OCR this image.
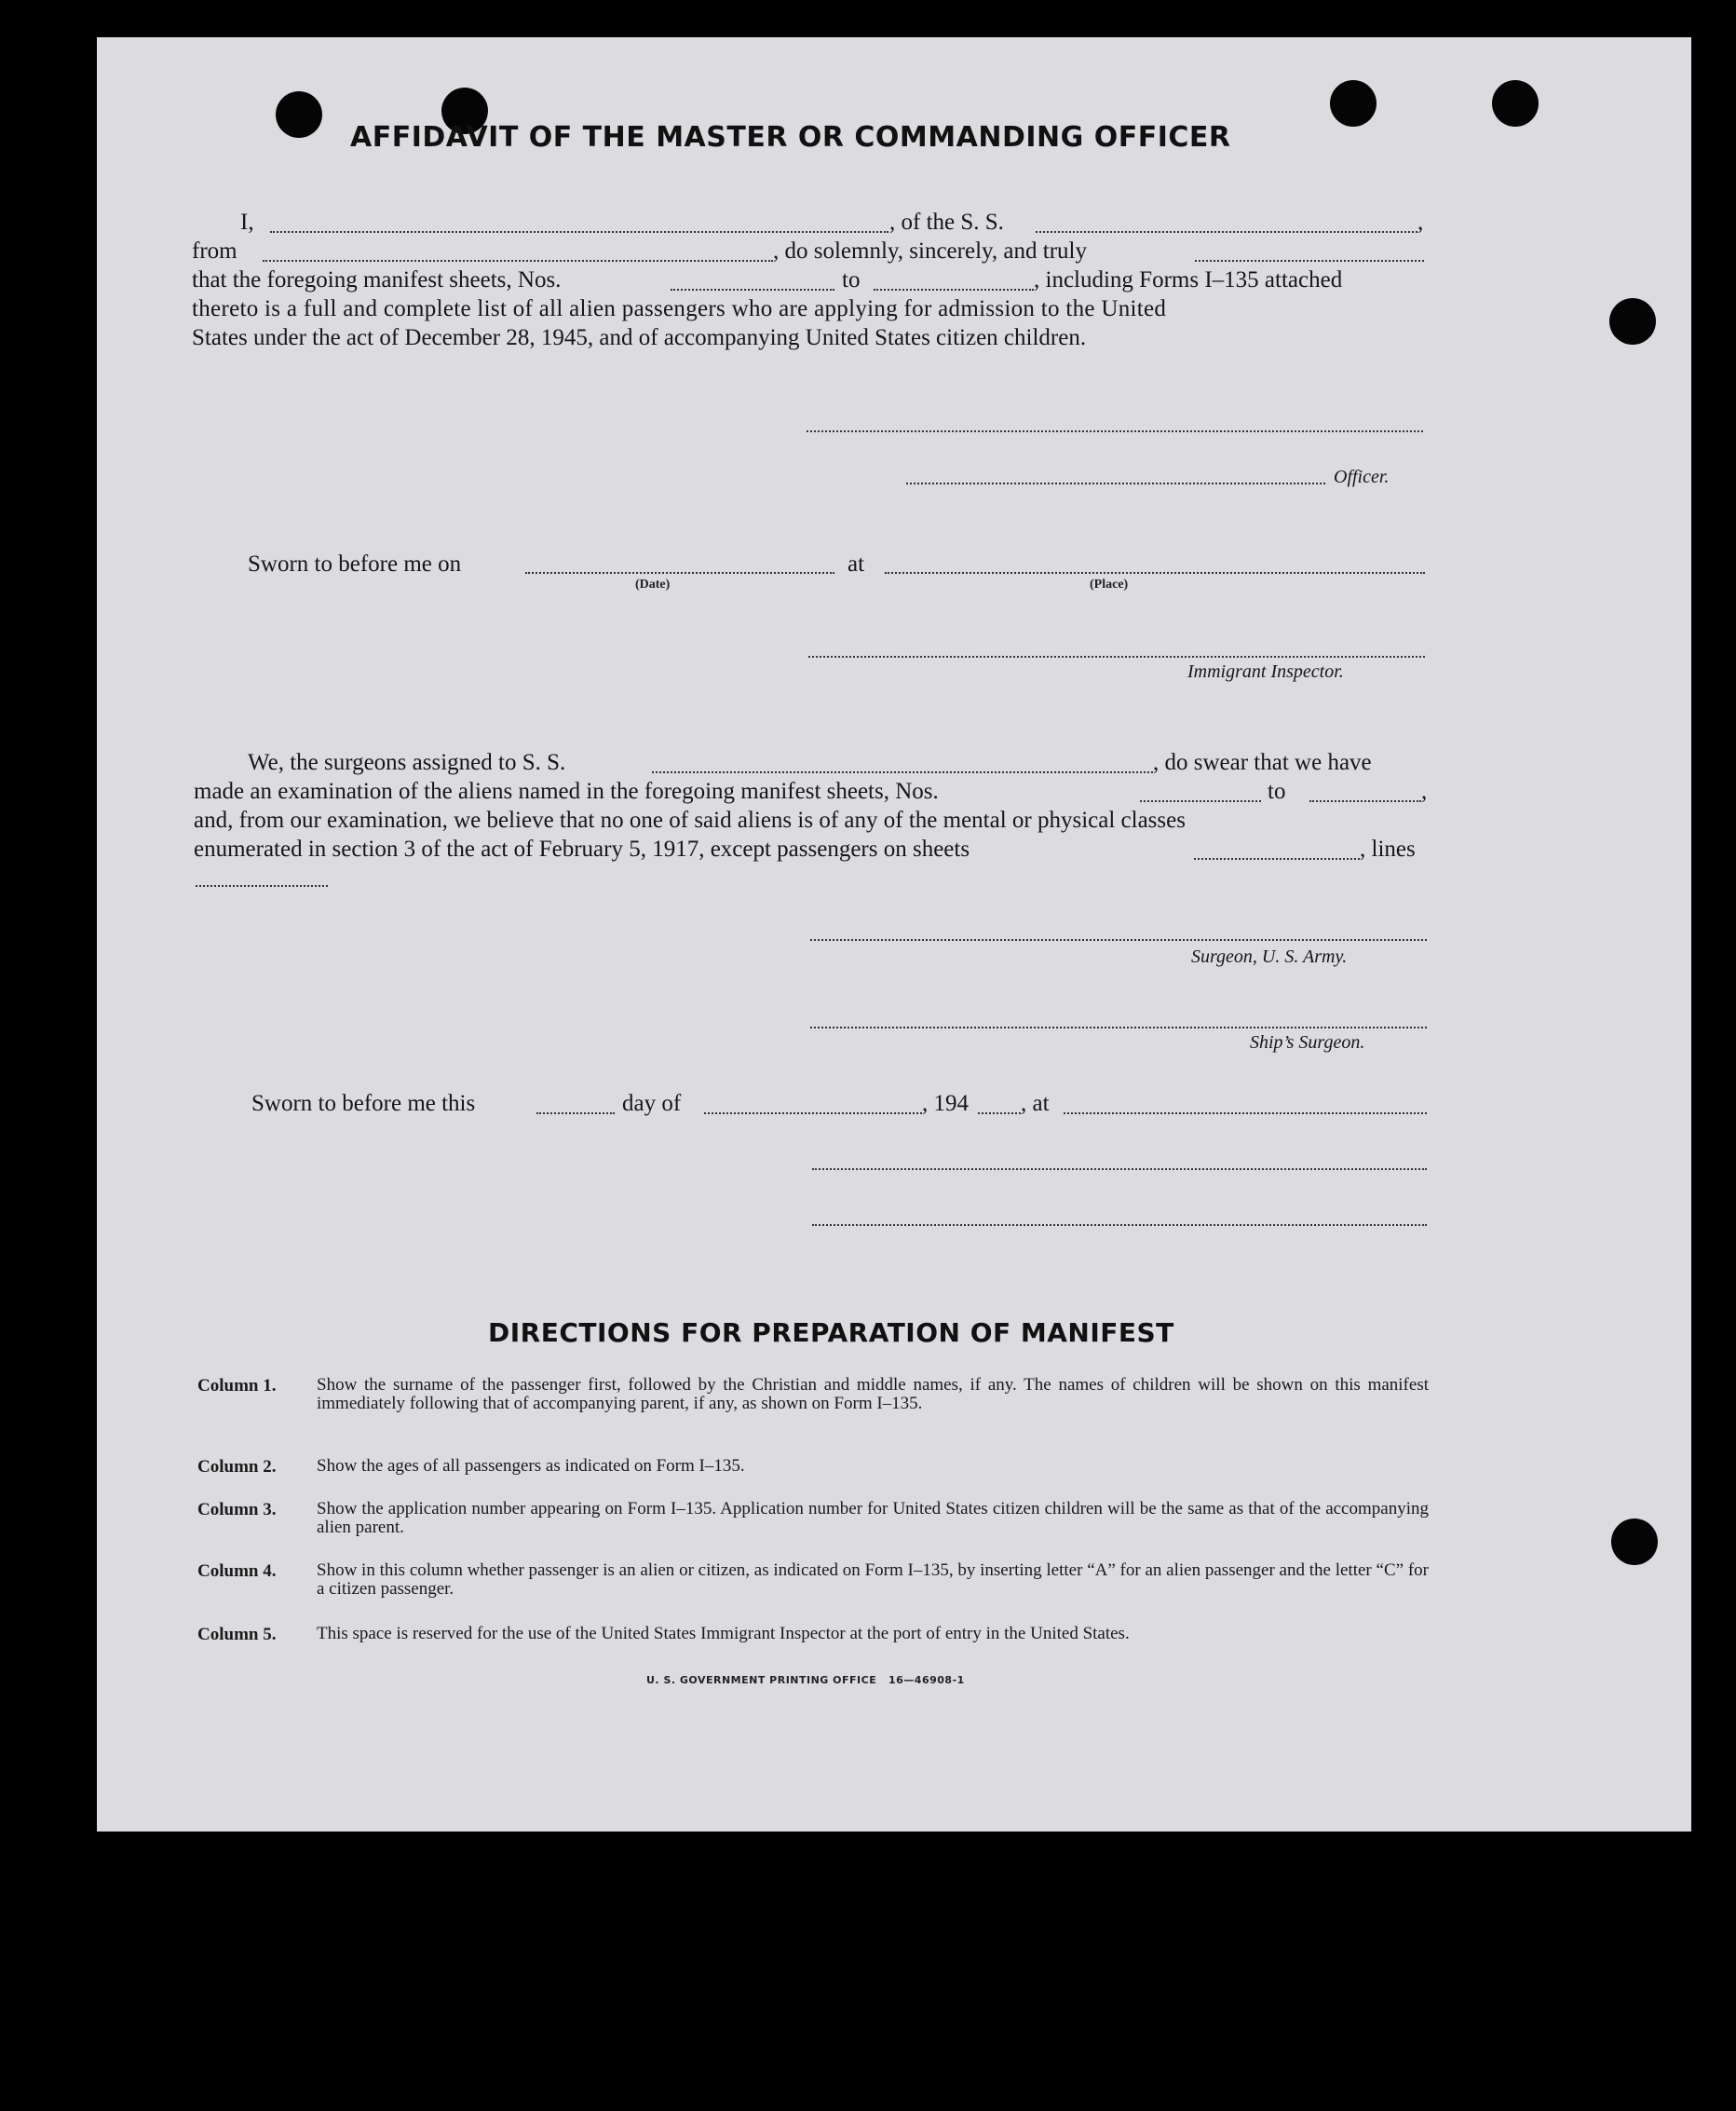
AFFIDAVIT OF THE MASTER OR COMMANDING OFFICER
I,	, of the S. S.	,
from	, do solemnly, sincerely, and truly
that the foregoing manifest sheets, Nos.	to	, including Forms I–135 attached
thereto is a full and complete list of all alien passengers who are applying for admission to the United
States under the act of December 28, 1945, and of accompanying United States citizen children.
Officer.
Sworn to before me on
(Date)
at
(Place)
Immigrant Inspector.
We, the surgeons assigned to S. S.	, do swear that we have
made an examination of the aliens named in the foregoing manifest sheets, Nos.	to	,
and, from our examination, we believe that no one of said aliens is of any of the mental or physical classes
enumerated in section 3 of the act of February 5, 1917, except passengers on sheets	, lines
Surgeon, U. S. Army.
Ship’s Surgeon.
Sworn to before me this	day of	, 194 , at
DIRECTIONS FOR PREPARATION OF MANIFEST
Column 1. Show the surname of the passenger first, followed by the Christian and middle names, if any. The names of children will be shown on this manifest immediately following that of accompanying parent, if any, as shown on Form I–135.
Column 2. Show the ages of all passengers as indicated on Form I–135.
Column 3. Show the application number appearing on Form I–135. Application number for United States citizen children will be the same as that of the accompanying alien parent.
Column 4. Show in this column whether passenger is an alien or citizen, as indicated on Form I–135, by inserting letter “A” for an alien passenger and the letter “C” for a citizen passenger.
Column 5. This space is reserved for the use of the United States Immigrant Inspector at the port of entry in the United States.
U. S. GOVERNMENT PRINTING OFFICE 16—46908-1
